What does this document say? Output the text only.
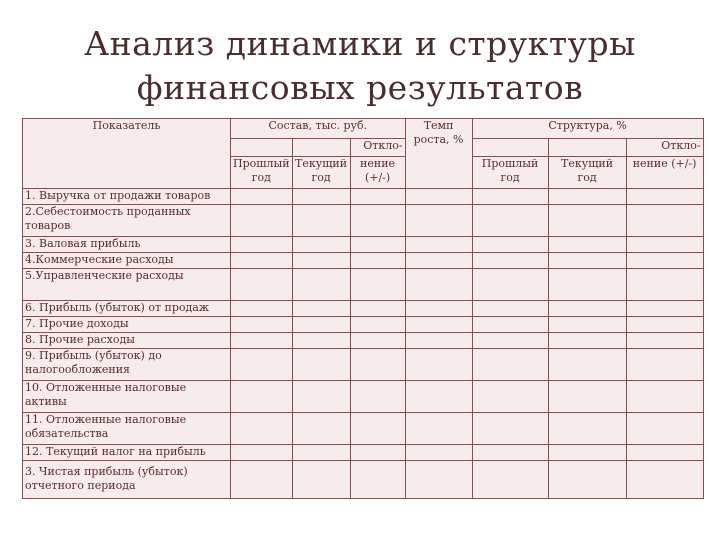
Анализ динамики и структуры
финансовых результатов
Показатель	Состав, тыс. руб.			Темп роста, %	Структура, %		
			Откло-				Откло-
	Прошлый год	Текущий год	нение (+/-)		Прошлый год	Текущий год	нение (+/-)
1. Выручка от продажи товаров							
2.Себестоимость проданных товаров							
3. Валовая прибыль							
4.Коммерческие расходы							
5.Управленческие расходы							
6. Прибыль (убыток) от продаж							
7. Прочие доходы							
8. Прочие расходы							
9. Прибыль (убыток) до налогообложения							
10. Отложенные налоговые активы							
11. Отложенные налоговые обязательства							
12. Текущий налог на прибыль							
3. Чистая прибыль (убыток) отчетного периода							
